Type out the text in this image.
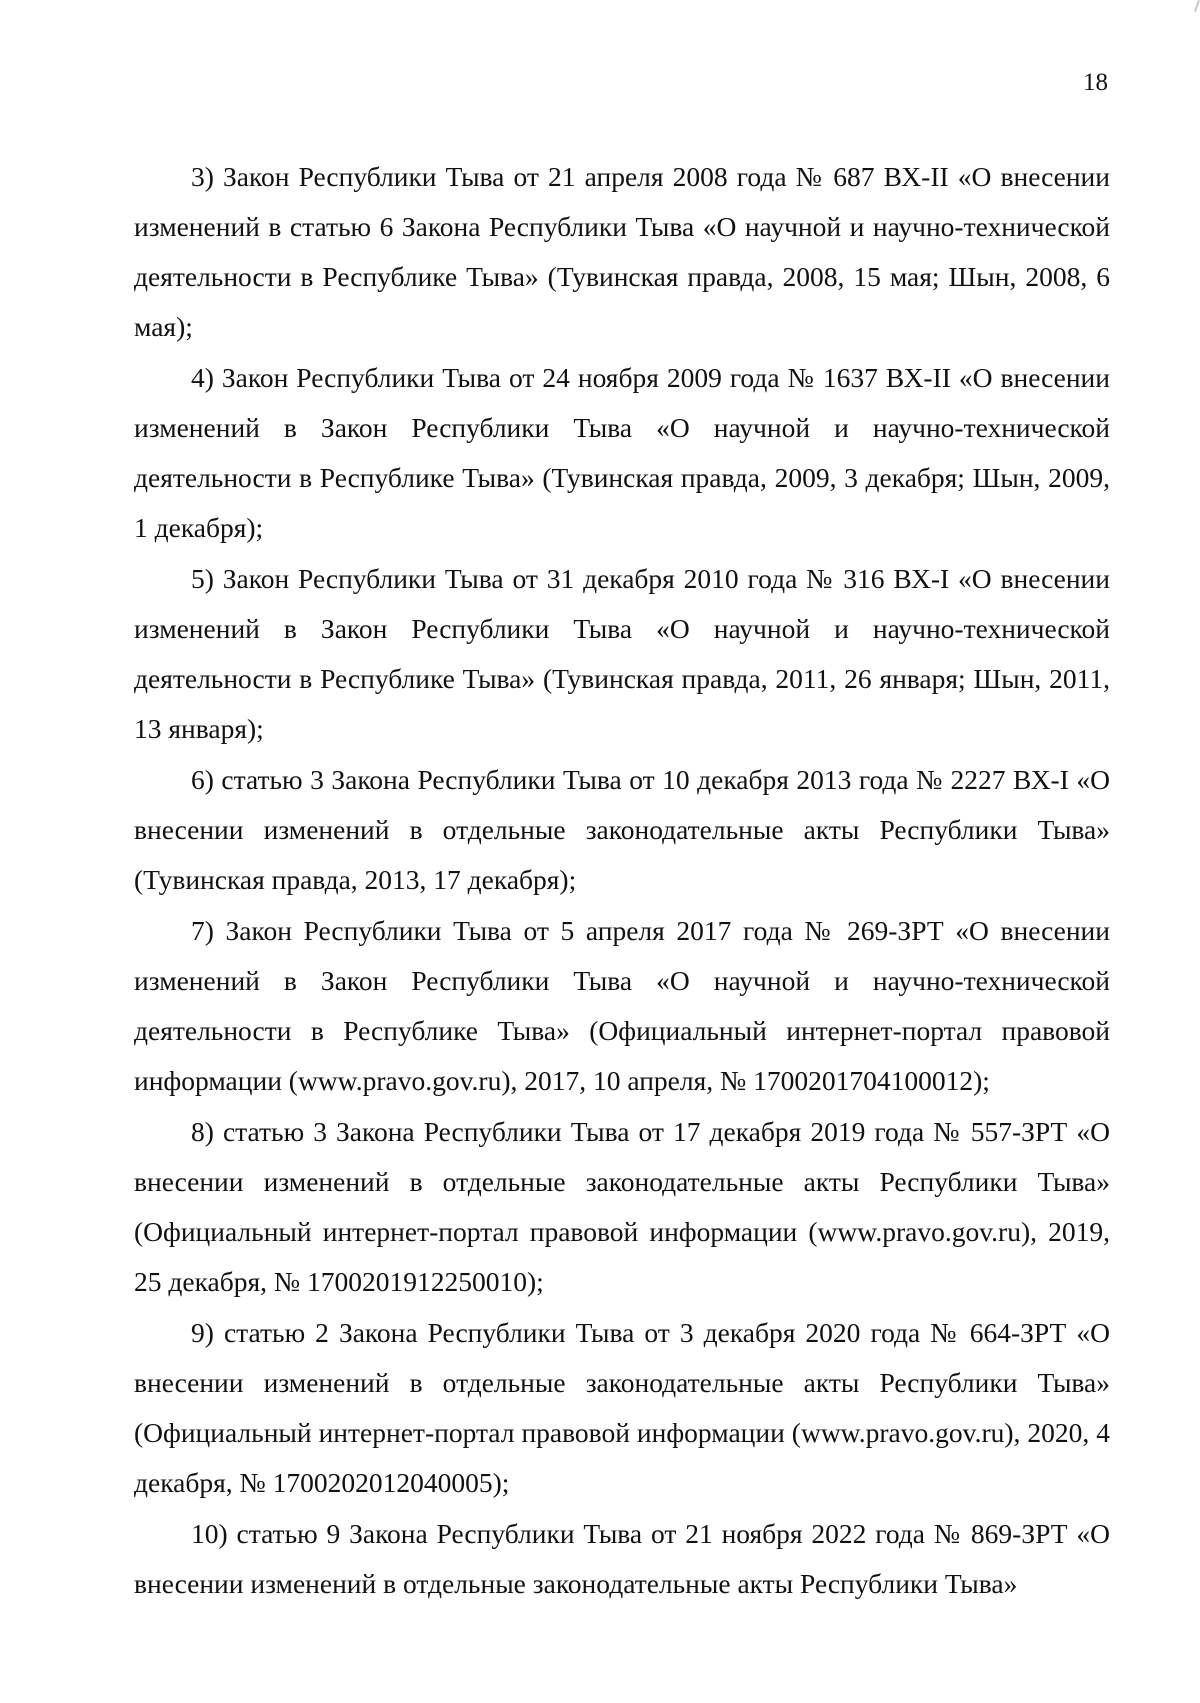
18

3) Закон Республики Тыва от 21 апреля 2008 года № 687 ВХ-II «О внесении изменений в статью 6 Закона Республики Тыва «О научной и научно-технической деятельности в Республике Тыва» (Тувинская правда, 2008, 15 мая; Шын, 2008, 6 мая);

4) Закон Республики Тыва от 24 ноября 2009 года № 1637 ВХ-II «О внесении изменений в Закон Республики Тыва «О научной и научно-технической деятельности в Республике Тыва» (Тувинская правда, 2009, 3 декабря; Шын, 2009, 1 декабря);

5) Закон Республики Тыва от 31 декабря 2010 года № 316 ВХ-I «О внесении изменений в Закон Республики Тыва «О научной и научно-технической деятельности в Республике Тыва» (Тувинская правда, 2011, 26 января; Шын, 2011, 13 января);

6) статью 3 Закона Республики Тыва от 10 декабря 2013 года № 2227 ВХ-I «О внесении изменений в отдельные законодательные акты Республики Тыва» (Тувинская правда, 2013, 17 декабря);

7) Закон Республики Тыва от 5 апреля 2017 года № 269-ЗРТ «О внесении изменений в Закон Республики Тыва «О научной и научно-технической деятельности в Республике Тыва» (Официальный интернет-портал правовой информации (www.pravo.gov.ru), 2017, 10 апреля, № 1700201704100012);

8) статью 3 Закона Республики Тыва от 17 декабря 2019 года № 557-ЗРТ «О внесении изменений в отдельные законодательные акты Республики Тыва» (Официальный интернет-портал правовой информации (www.pravo.gov.ru), 2019, 25 декабря, № 1700201912250010);

9) статью 2 Закона Республики Тыва от 3 декабря 2020 года № 664-ЗРТ «О внесении изменений в отдельные законодательные акты Республики Тыва» (Официальный интернет-портал правовой информации (www.pravo.gov.ru), 2020, 4 декабря, № 1700202012040005);

10) статью 9 Закона Республики Тыва от 21 ноября 2022 года № 869-ЗРТ «О внесении изменений в отдельные законодательные акты Республики Тыва»
